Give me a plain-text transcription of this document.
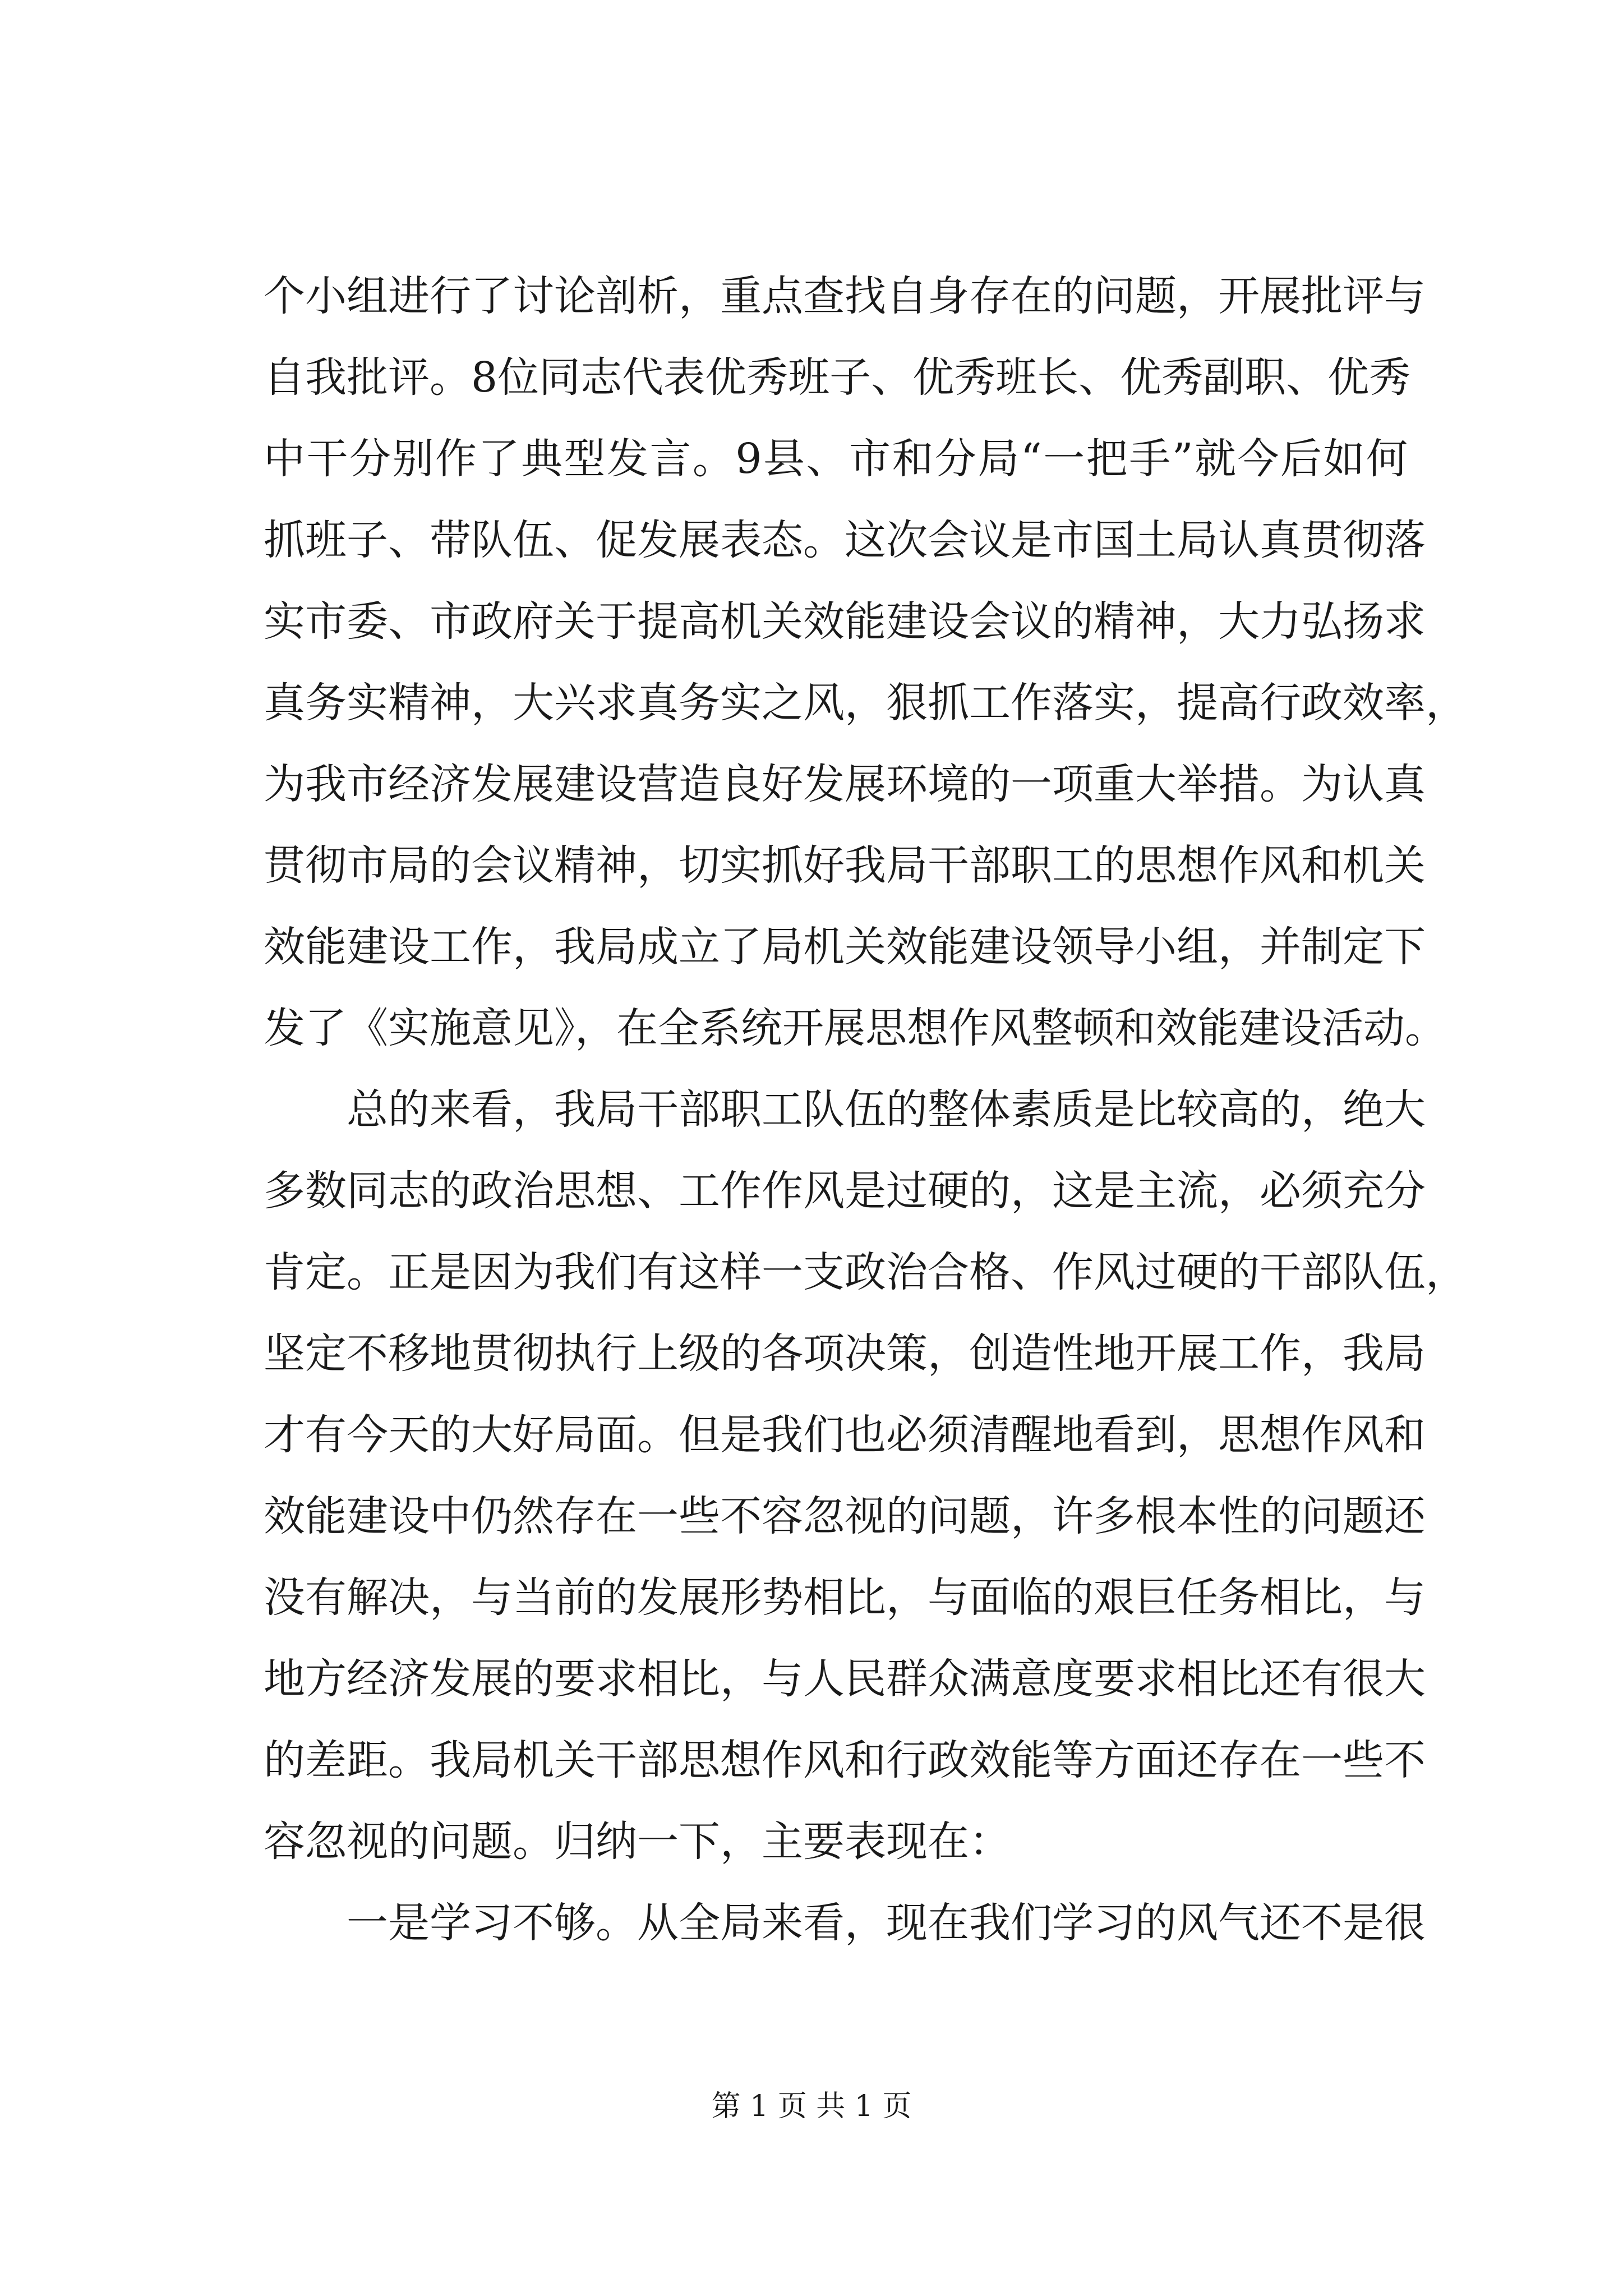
个小组进行了讨论剖析，重点查找自身存在的问题，开展批评与
自我批评。8位同志代表优秀班子、优秀班长、优秀副职、优秀
中干分别作了典型发言。9县、市和分局“一把手”就今后如何
抓班子、带队伍、促发展表态。这次会议是市国土局认真贯彻落
实市委、市政府关于提高机关效能建设会议的精神，大力弘扬求
真务实精神，大兴求真务实之风，狠抓工作落实，提高行政效率，
为我市经济发展建设营造良好发展环境的一项重大举措。为认真
贯彻市局的会议精神，切实抓好我局干部职工的思想作风和机关
效能建设工作，我局成立了局机关效能建设领导小组，并制定下
发了《实施意见》，在全系统开展思想作风整顿和效能建设活动。
　　总的来看，我局干部职工队伍的整体素质是比较高的，绝大
多数同志的政治思想、工作作风是过硬的，这是主流，必须充分
肯定。正是因为我们有这样一支政治合格、作风过硬的干部队伍，
坚定不移地贯彻执行上级的各项决策，创造性地开展工作，我局
才有今天的大好局面。但是我们也必须清醒地看到，思想作风和
效能建设中仍然存在一些不容忽视的问题，许多根本性的问题还
没有解决，与当前的发展形势相比，与面临的艰巨任务相比，与
地方经济发展的要求相比，与人民群众满意度要求相比还有很大
的差距。我局机关干部思想作风和行政效能等方面还存在一些不
容忽视的问题。归纳一下，主要表现在：
　　一是学习不够。从全局来看，现在我们学习的风气还不是很
第 1 页 共 1 页
